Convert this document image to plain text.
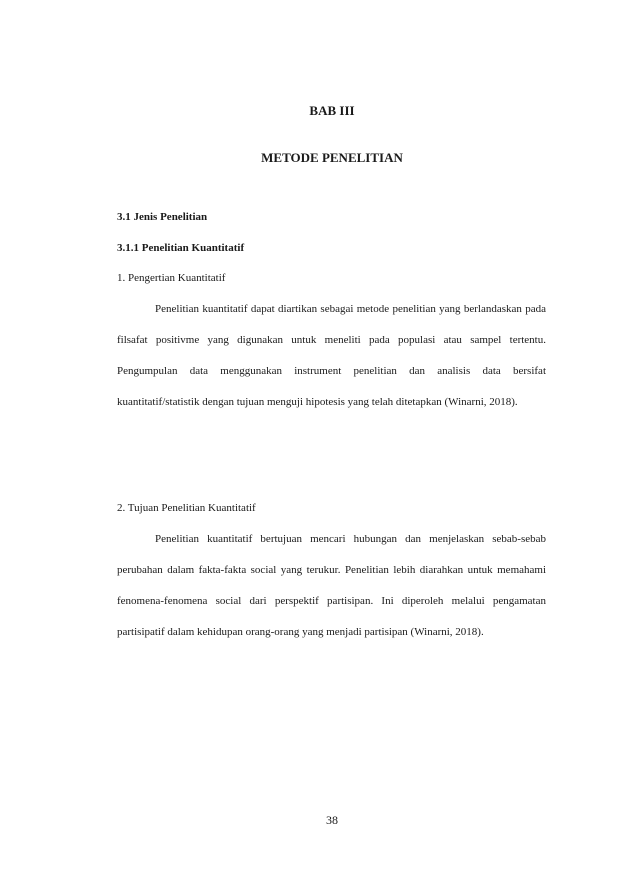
BAB III
METODE PENELITIAN
3.1 Jenis Penelitian
3.1.1 Penelitian Kuantitatif

1. Pengertian Kuantitatif

Penelitian kuantitatif dapat diartikan sebagai metode penelitian yang berlandaskan pada filsafat positivme yang digunakan untuk meneliti pada populasi atau sampel tertentu. Pengumpulan data menggunakan instrument penelitian dan analisis data bersifat kuantitatif/statistik dengan tujuan menguji hipotesis yang telah ditetapkan (Winarni, 2018).

2. Tujuan Penelitian Kuantitatif

Penelitian kuantitatif bertujuan mencari hubungan dan menjelaskan sebab-sebab perubahan dalam fakta-fakta social yang terukur. Penelitian lebih diarahkan untuk memahami fenomena-fenomena social dari perspektif partisipan. Ini diperoleh melalui pengamatan partisipatif dalam kehidupan orang-orang yang menjadi partisipan (Winarni, 2018).

38
